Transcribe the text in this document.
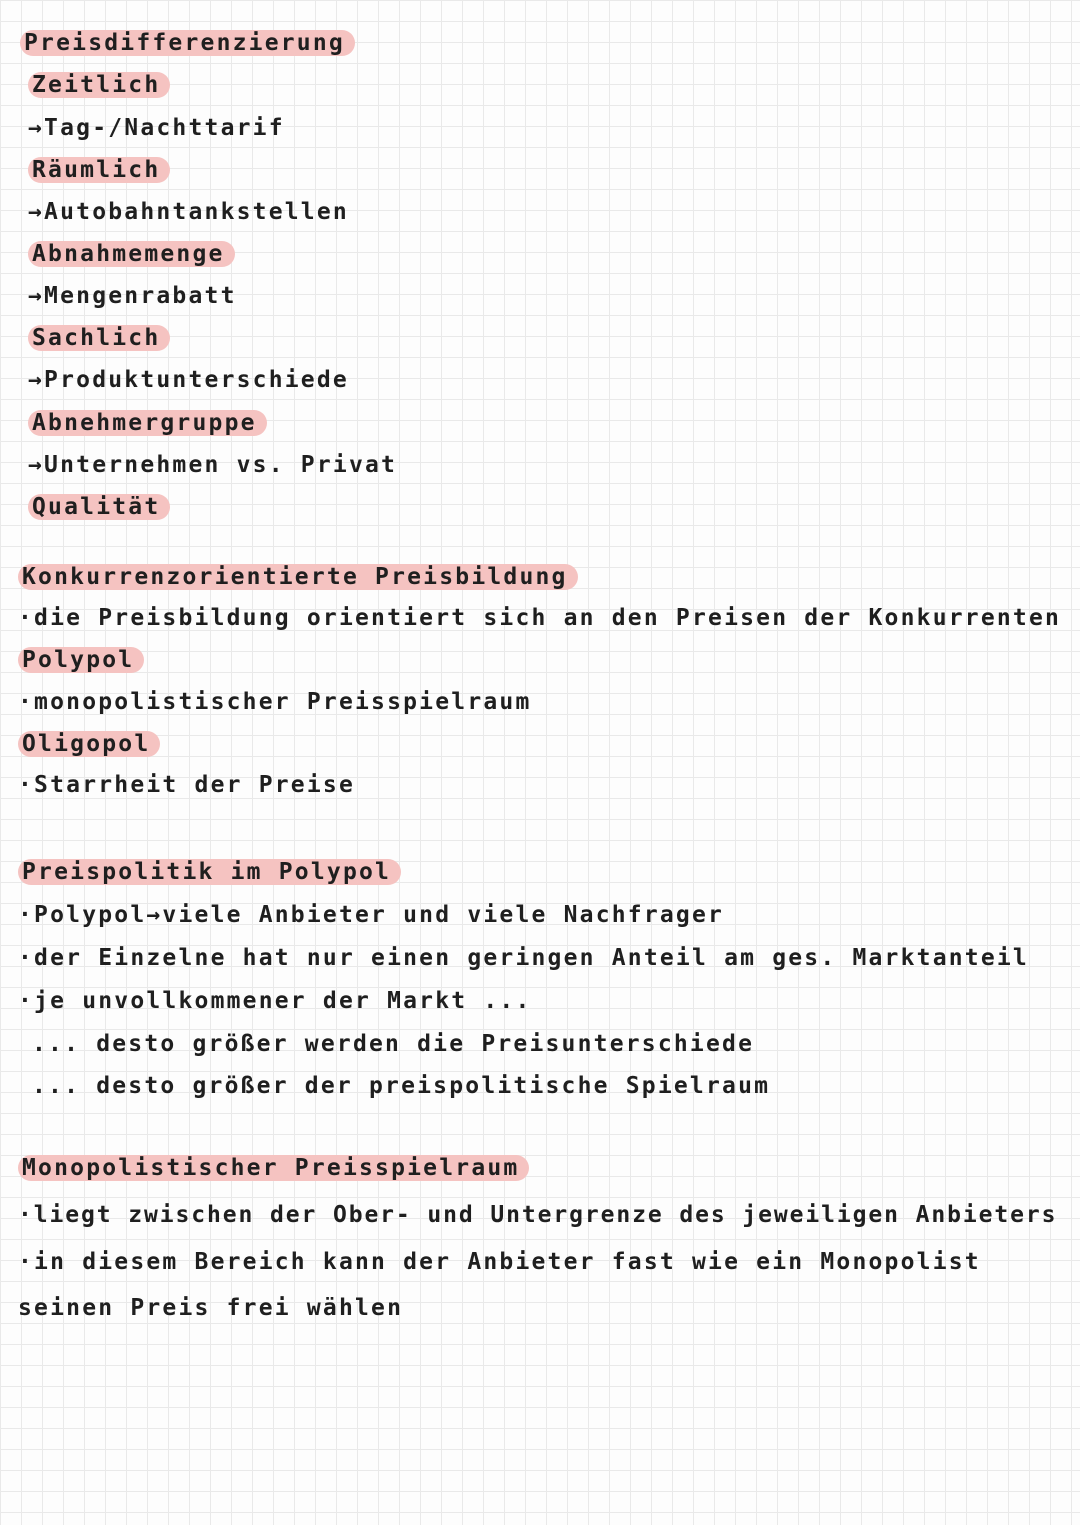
Preisdifferenzierung
Zeitlich
→Tag-/Nachttarif
Räumlich
→Autobahntankstellen
Abnahmemenge
→Mengenrabatt
Sachlich
→Produktunterschiede
Abnehmergruppe
→Unternehmen vs. Privat
Qualität
Konkurrenzorientierte Preisbildung
·die Preisbildung orientiert sich an den Preisen der Konkurrenten
Polypol
·monopolistischer Preisspielraum
Oligopol
·Starrheit der Preise
Preispolitik im Polypol
·Polypol→viele Anbieter und viele Nachfrager
·der Einzelne hat nur einen geringen Anteil am ges. Marktanteil
·je unvollkommener der Markt ...
... desto größer werden die Preisunterschiede
... desto größer der preispolitische Spielraum
Monopolistischer Preisspielraum
·liegt zwischen der Ober- und Untergrenze des jeweiligen Anbieters
·in diesem Bereich kann der Anbieter fast wie ein Monopolist
seinen Preis frei wählen
